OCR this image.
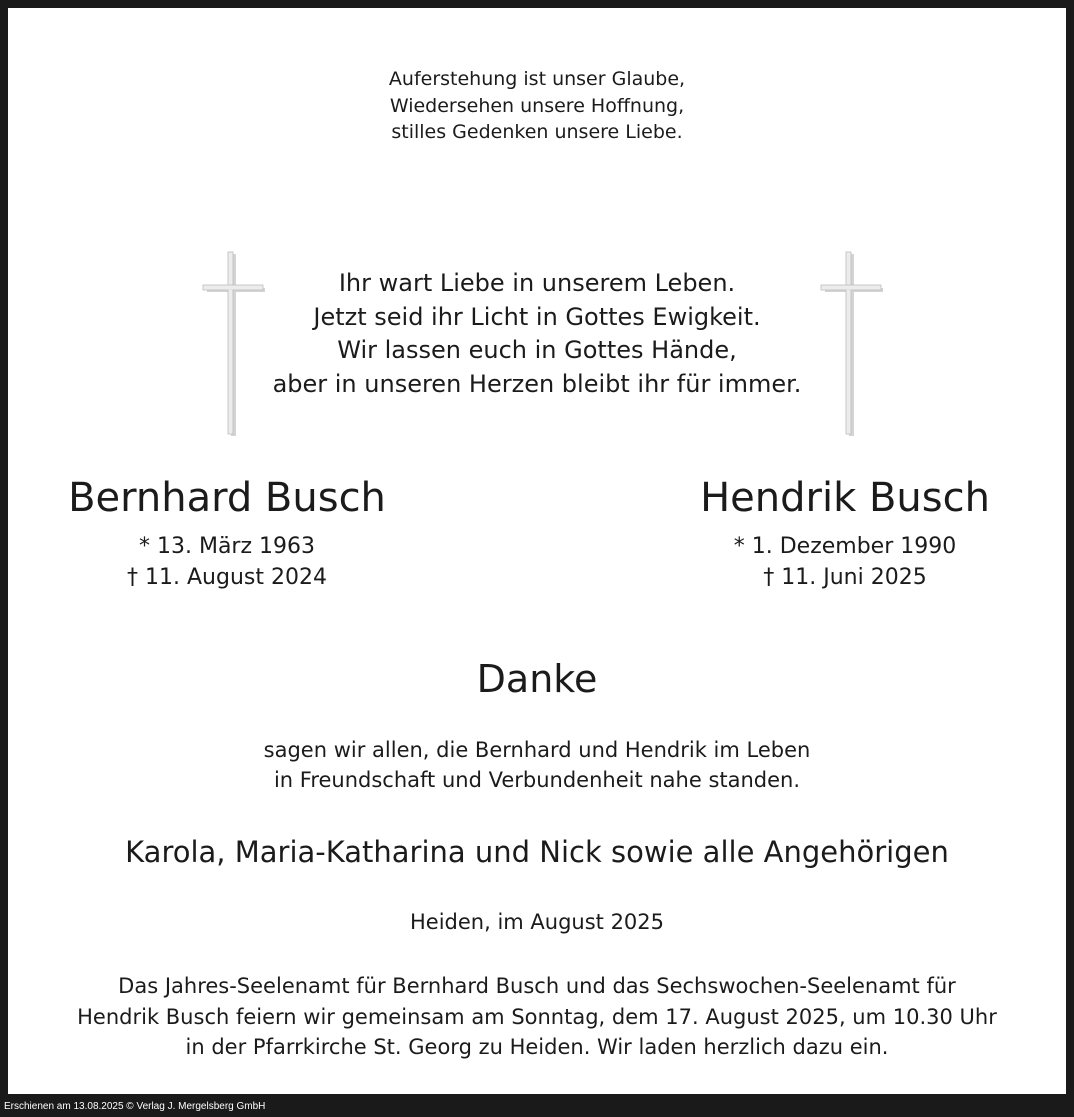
Auferstehung ist unser Glaube,
Wiedersehen unsere Hoffnung,
stilles Gedenken unsere Liebe.
Ihr wart Liebe in unserem Leben.
Jetzt seid ihr Licht in Gottes Ewigkeit.
Wir lassen euch in Gottes Hände,
aber in unseren Herzen bleibt ihr für immer.
Bernhard Busch
* 13. März 1963
† 11. August 2024
Hendrik Busch
* 1. Dezember 1990
† 11. Juni 2025
Danke
sagen wir allen, die Bernhard und Hendrik im Leben
in Freundschaft und Verbundenheit nahe standen.
Karola, Maria-Katharina und Nick sowie alle Angehörigen
Heiden, im August 2025
Das Jahres-Seelenamt für Bernhard Busch und das Sechswochen-Seelenamt für
Hendrik Busch feiern wir gemeinsam am Sonntag, dem 17. August 2025, um 10.30 Uhr
in der Pfarrkirche St. Georg zu Heiden. Wir laden herzlich dazu ein.
Erschienen am 13.08.2025 © Verlag J. Mergelsberg GmbH
